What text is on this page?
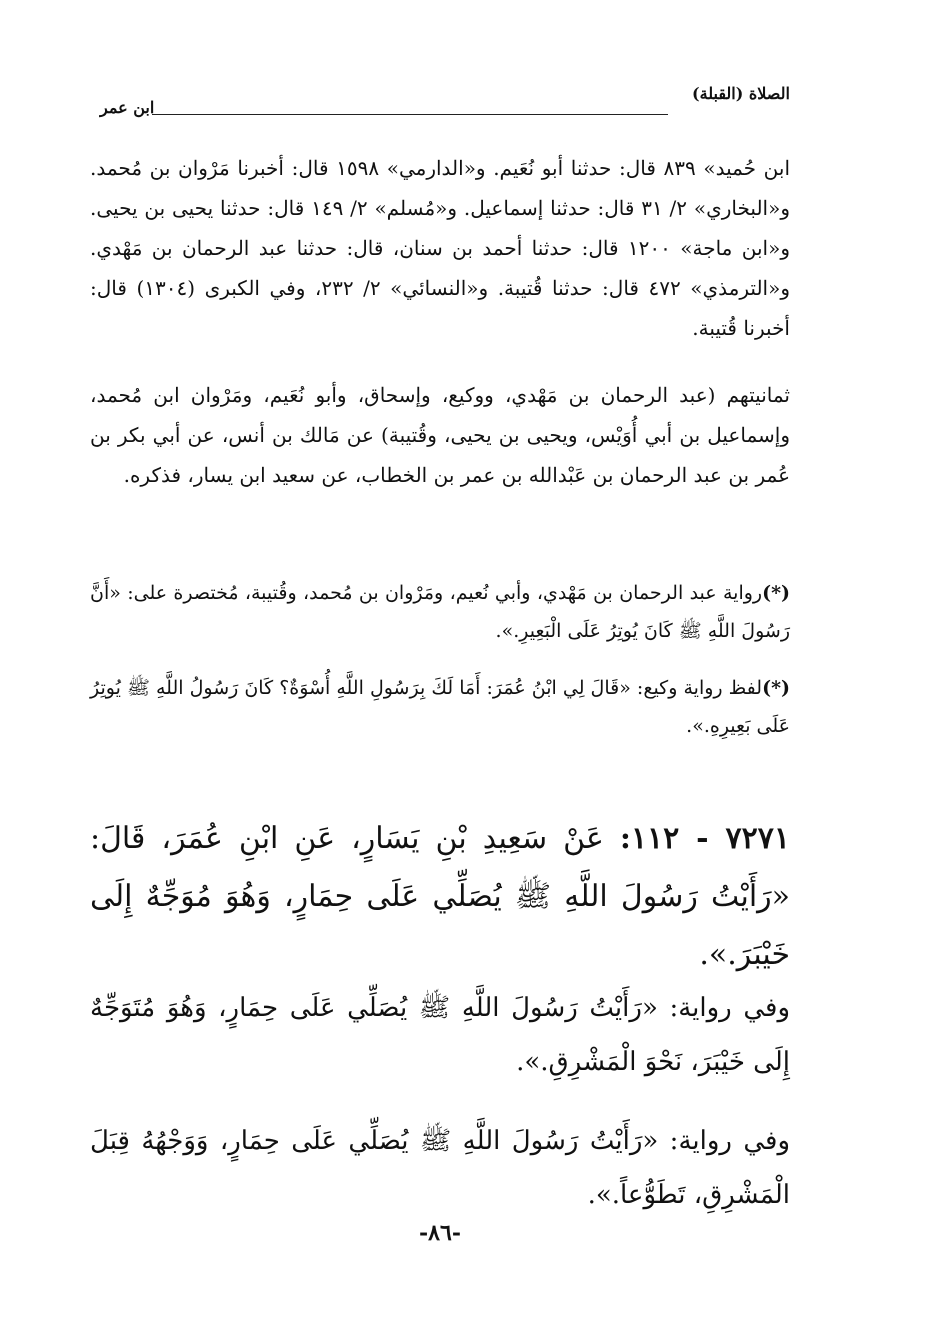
الصلاة (القبلة)
ابن عمر

ابن حُميد» ٨٣٩ قال: حدثنا أبو نُعَيم. و«الدارمي» ١٥٩٨ قال: أخبرنا مَرْوان بن مُحمد. و«البخاري» ٢/ ٣١ قال: حدثنا إسماعيل. و«مُسلم» ٢/ ١٤٩ قال: حدثنا يحيى بن يحيى. و«ابن ماجة» ١٢٠٠ قال: حدثنا أحمد بن سنان، قال: حدثنا عبد الرحمان بن مَهْدي. و«الترمذي» ٤٧٢ قال: حدثنا قُتيبة. و«النسائي» ٢/ ٢٣٢، وفي الكبرى (١٣٠٤) قال: أخبرنا قُتيبة.

ثمانيتهم (عبد الرحمان بن مَهْدي، ووكيع، وإسحاق، وأبو نُعَيم، ومَرْوان ابن مُحمد، وإسماعيل بن أبي أُوَيْس، ويحيى بن يحيى، وقُتيبة) عن مَالك بن أنس، عن أبي بكر بن عُمر بن عبد الرحمان بن عَبْدالله بن عمر بن الخطاب، عن سعيد ابن يسار، فذكره.

(*)رواية عبد الرحمان بن مَهْدي، وأبي نُعيم، ومَرْوان بن مُحمد، وقُتيبة، مُختصرة على: «أَنَّ رَسُولَ اللَّهِ ﷺ كَانَ يُوتِرُ عَلَى الْبَعِيرِ.».

(*)لفظ رواية وكيع: «قَالَ لِي ابْنُ عُمَرَ: أَمَا لَكَ بِرَسُولِ اللَّهِ أُسْوَةٌ؟ كَانَ رَسُولُ اللَّهِ ﷺ يُوتِرُ عَلَى بَعِيرِهِ.».

٧٢٧١ - ١١٢: عَنْ سَعِيدِ بْنِ يَسَارٍ، عَنِ ابْنِ عُمَرَ، قَالَ: «رَأَيْتُ رَسُولَ اللَّهِ ﷺ يُصَلِّي عَلَى حِمَارٍ، وَهُوَ مُوَجِّهٌ إِلَى خَيْبَرَ.».

وفي رواية: «رَأَيْتُ رَسُولَ اللَّهِ ﷺ يُصَلِّي عَلَى حِمَارٍ، وَهُوَ مُتَوَجِّهٌ إِلَى خَيْبَرَ، نَحْوَ الْمَشْرِقِ.».

وفي رواية: «رَأَيْتُ رَسُولَ اللَّهِ ﷺ يُصَلِّي عَلَى حِمَارٍ، وَوَجْهُهُ قِبَلَ الْمَشْرِقِ، تَطَوُّعاً.».

-٨٦-
